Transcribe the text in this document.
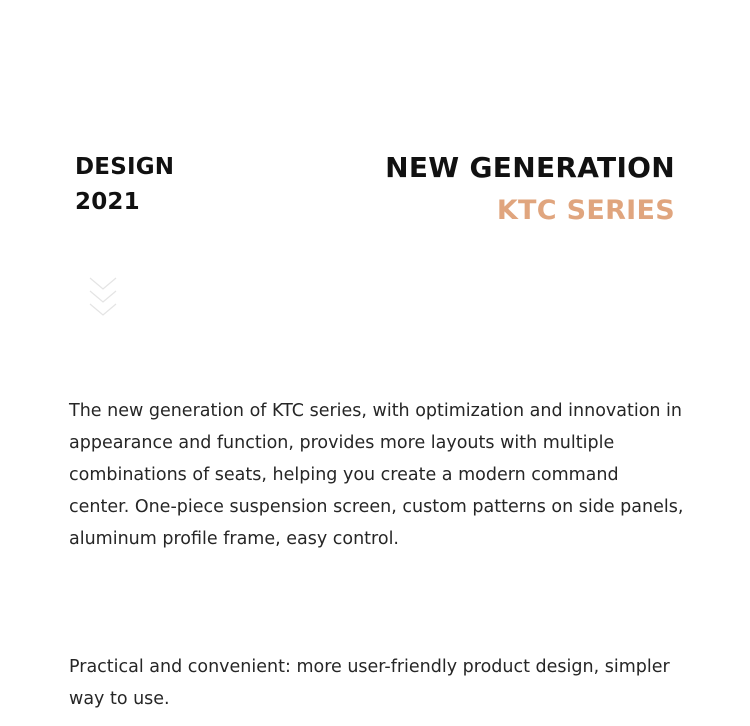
DESIGN
2021
NEW GENERATION
KTC SERIES

The new generation of KTC series, with optimization and innovation in appearance and function, provides more layouts with multiple combinations of seats, helping you create a modern command center. One-piece suspension screen, custom patterns on side panels, aluminum profile frame, easy control.

Practical and convenient: more user-friendly product design, simpler way to use.
